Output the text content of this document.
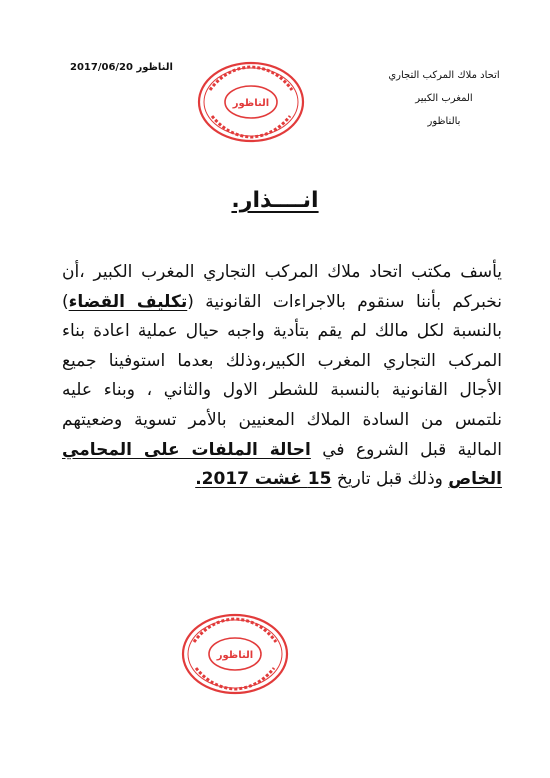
اتحاد ملاك المركب التجاري
المغرب الكبير
بالناظور
الناظور 2017/06/20
الناظور
انــــذار.
يأسف مكتب اتحاد ملاك المركب التجاري المغرب الكبير ،أن نخبركم بأننا سنقوم بالاجراءات القانونية (تكليف القضاء) بالنسبة لكل مالك لم يقم بتأدية واجبه حيال عملية اعادة بناء المركب التجاري المغرب الكبير،وذلك بعدما استوفينا جميع الأجال القانونية بالنسبة للشطر الاول والثاني ، وبناء عليه نلتمس من السادة الملاك المعنيين بالأمر تسوية وضعيتهم المالية قبل الشروع في احالة الملفات على المحامي الخاص وذلك قبل تاريخ 15 غشت 2017.
الناظور
